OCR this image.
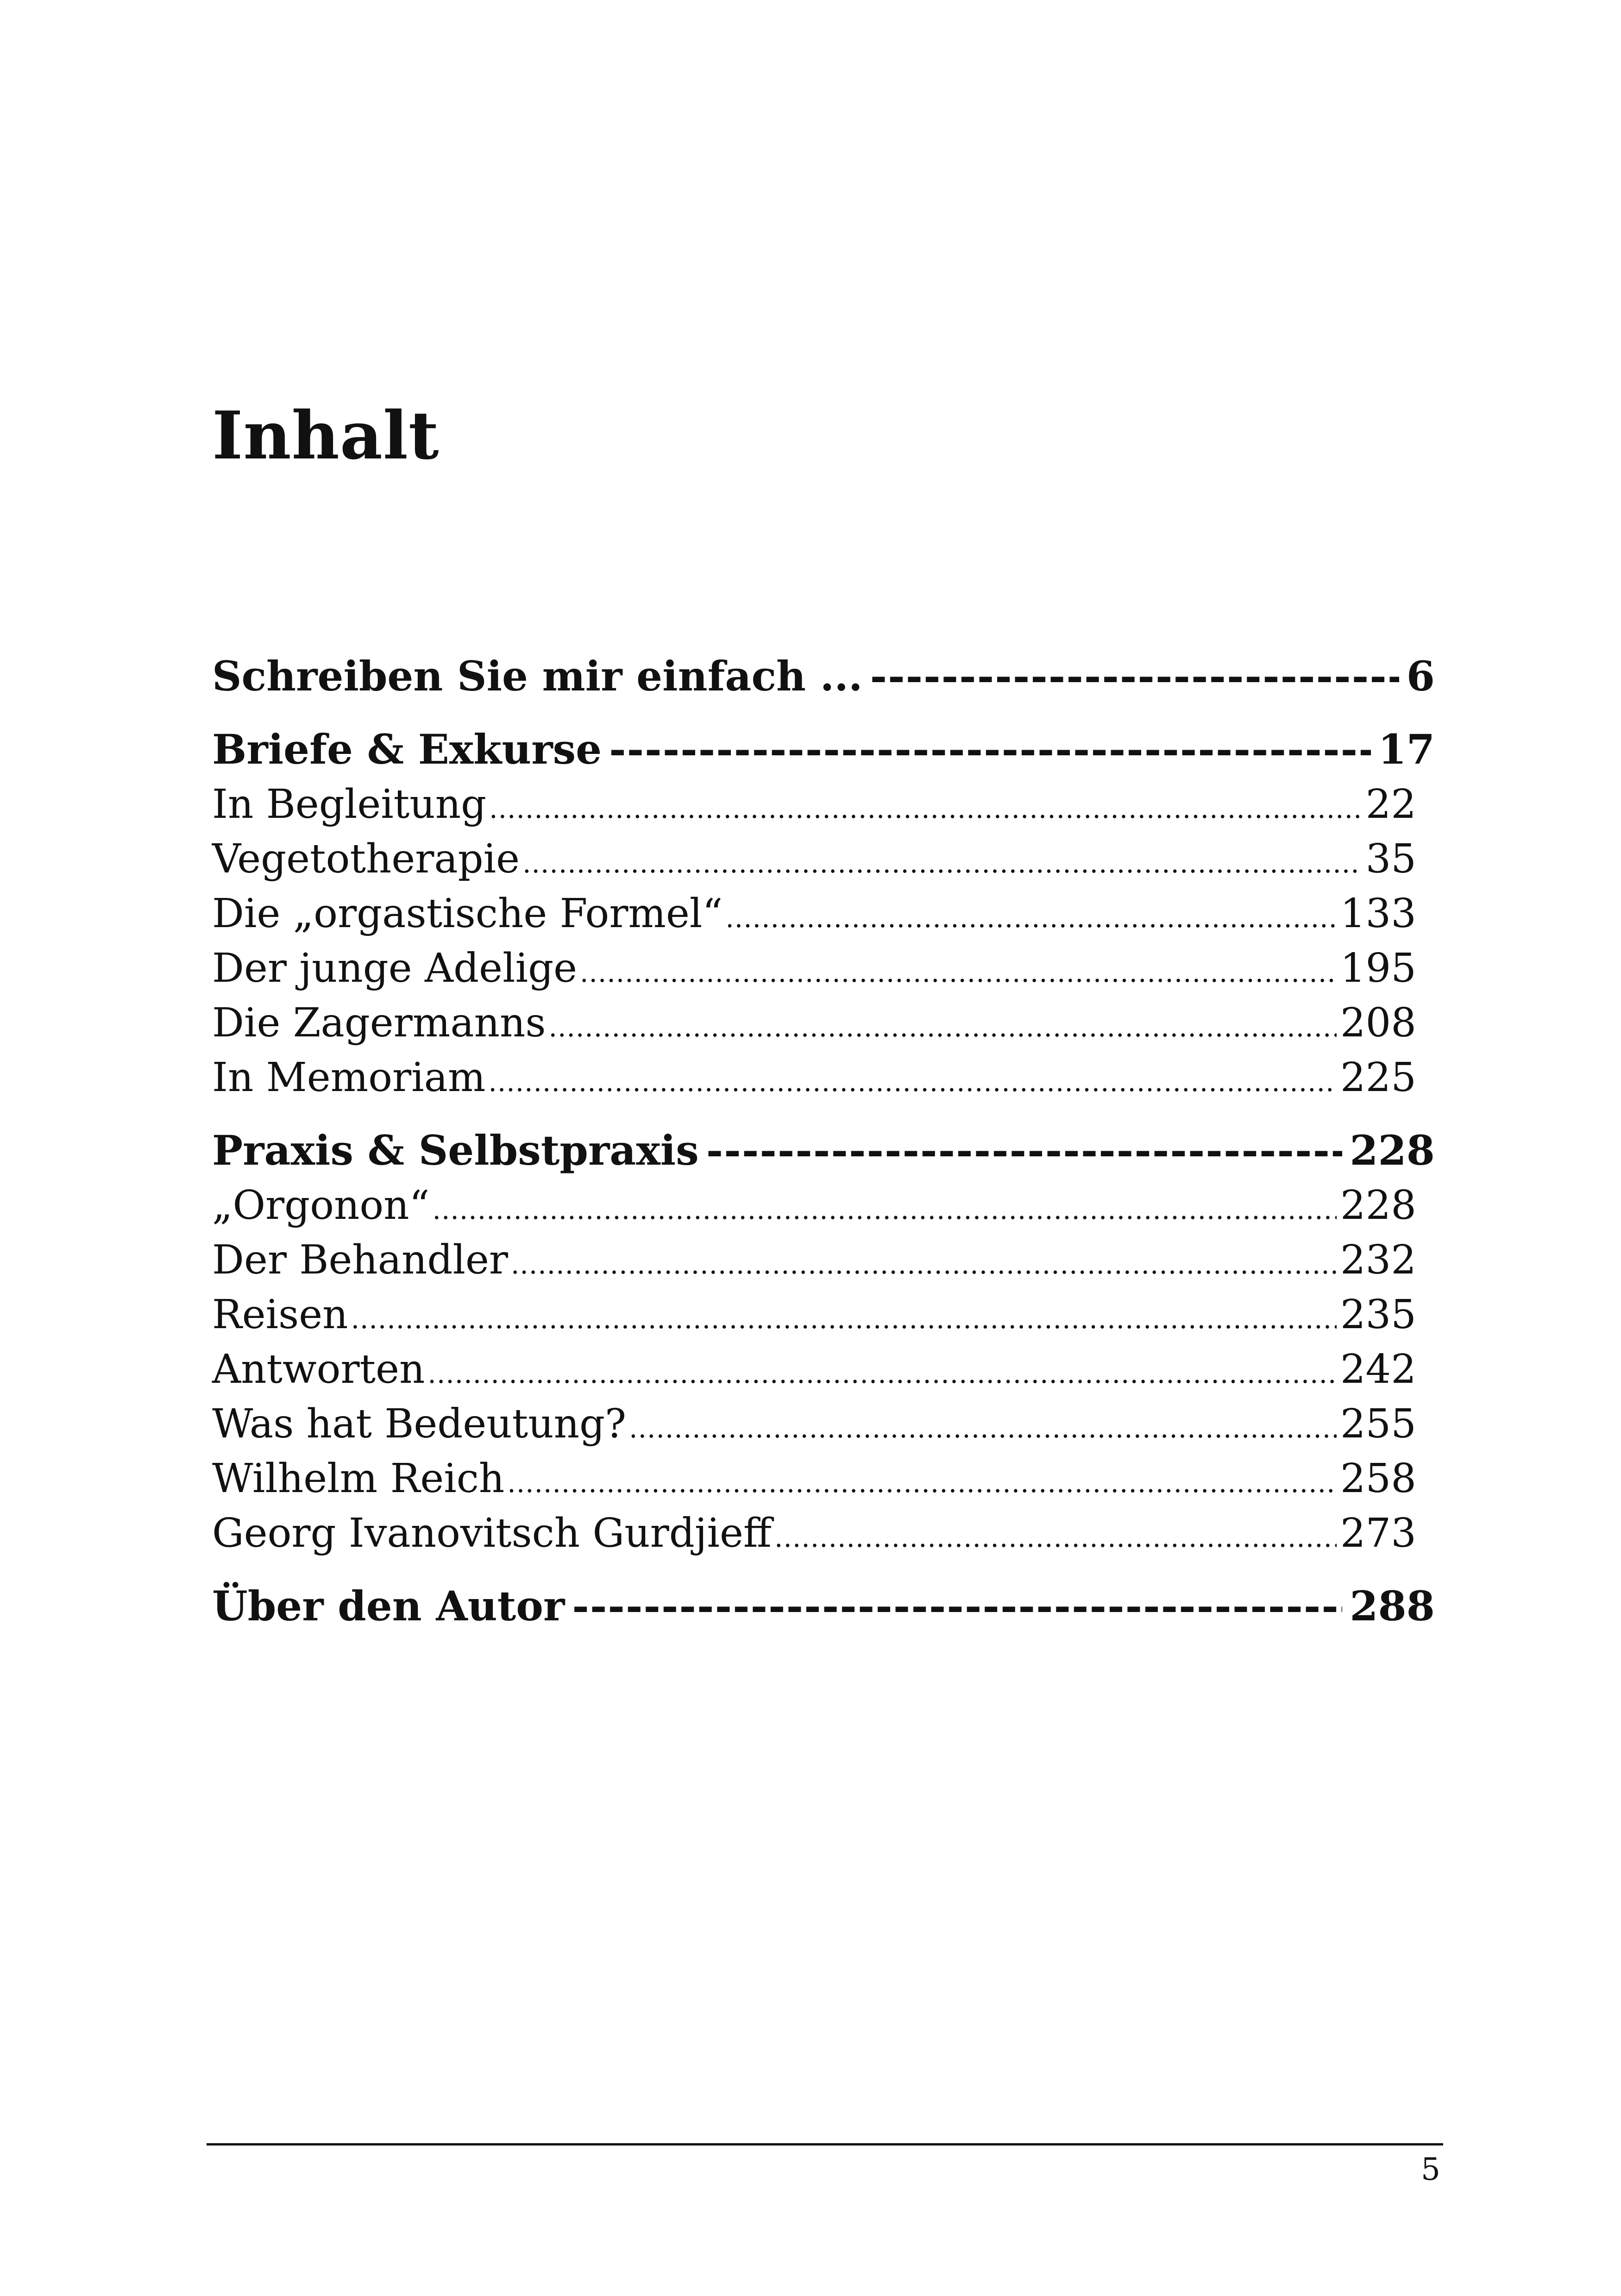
Inhalt
Schreiben Sie mir einfach ... -----	6
Briefe & Exkurse -----	17
In Begleitung .....	22
Vegetotherapie .....	35
Die „orgastische Formel“ .....	133
Der junge Adelige .....	195
Die Zagermanns .....	208
In Memoriam .....	225
Praxis & Selbstpraxis -----	228
„Orgonon“ .....	228
Der Behandler .....	232
Reisen .....	235
Antworten .....	242
Was hat Bedeutung? .....	255
Wilhelm Reich .....	258
Georg Ivanovitsch Gurdjieff .....	273
Über den Autor -----	288
5
